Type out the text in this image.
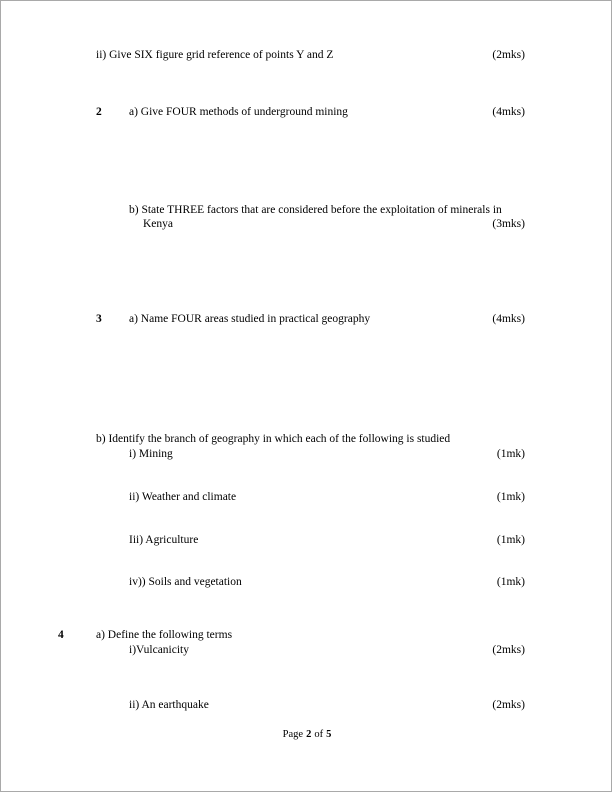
ii) Give SIX figure grid reference of points Y and Z	(2mks)
2 a) Give FOUR methods of underground mining	(4mks)
b) State THREE factors that are considered before the exploitation of minerals in
Kenya	(3mks)
3 a) Name FOUR areas studied in practical geography	(4mks)
b) Identify the branch of geography in which each of the following is studied
i) Mining	(1mk)
ii) Weather and climate	(1mk)
Iii) Agriculture	(1mk)
iv)) Soils and vegetation	(1mk)
4	a) Define the following terms
i)Vulcanicity	(2mks)
ii) An earthquake	(2mks)
Page 2 of 5
